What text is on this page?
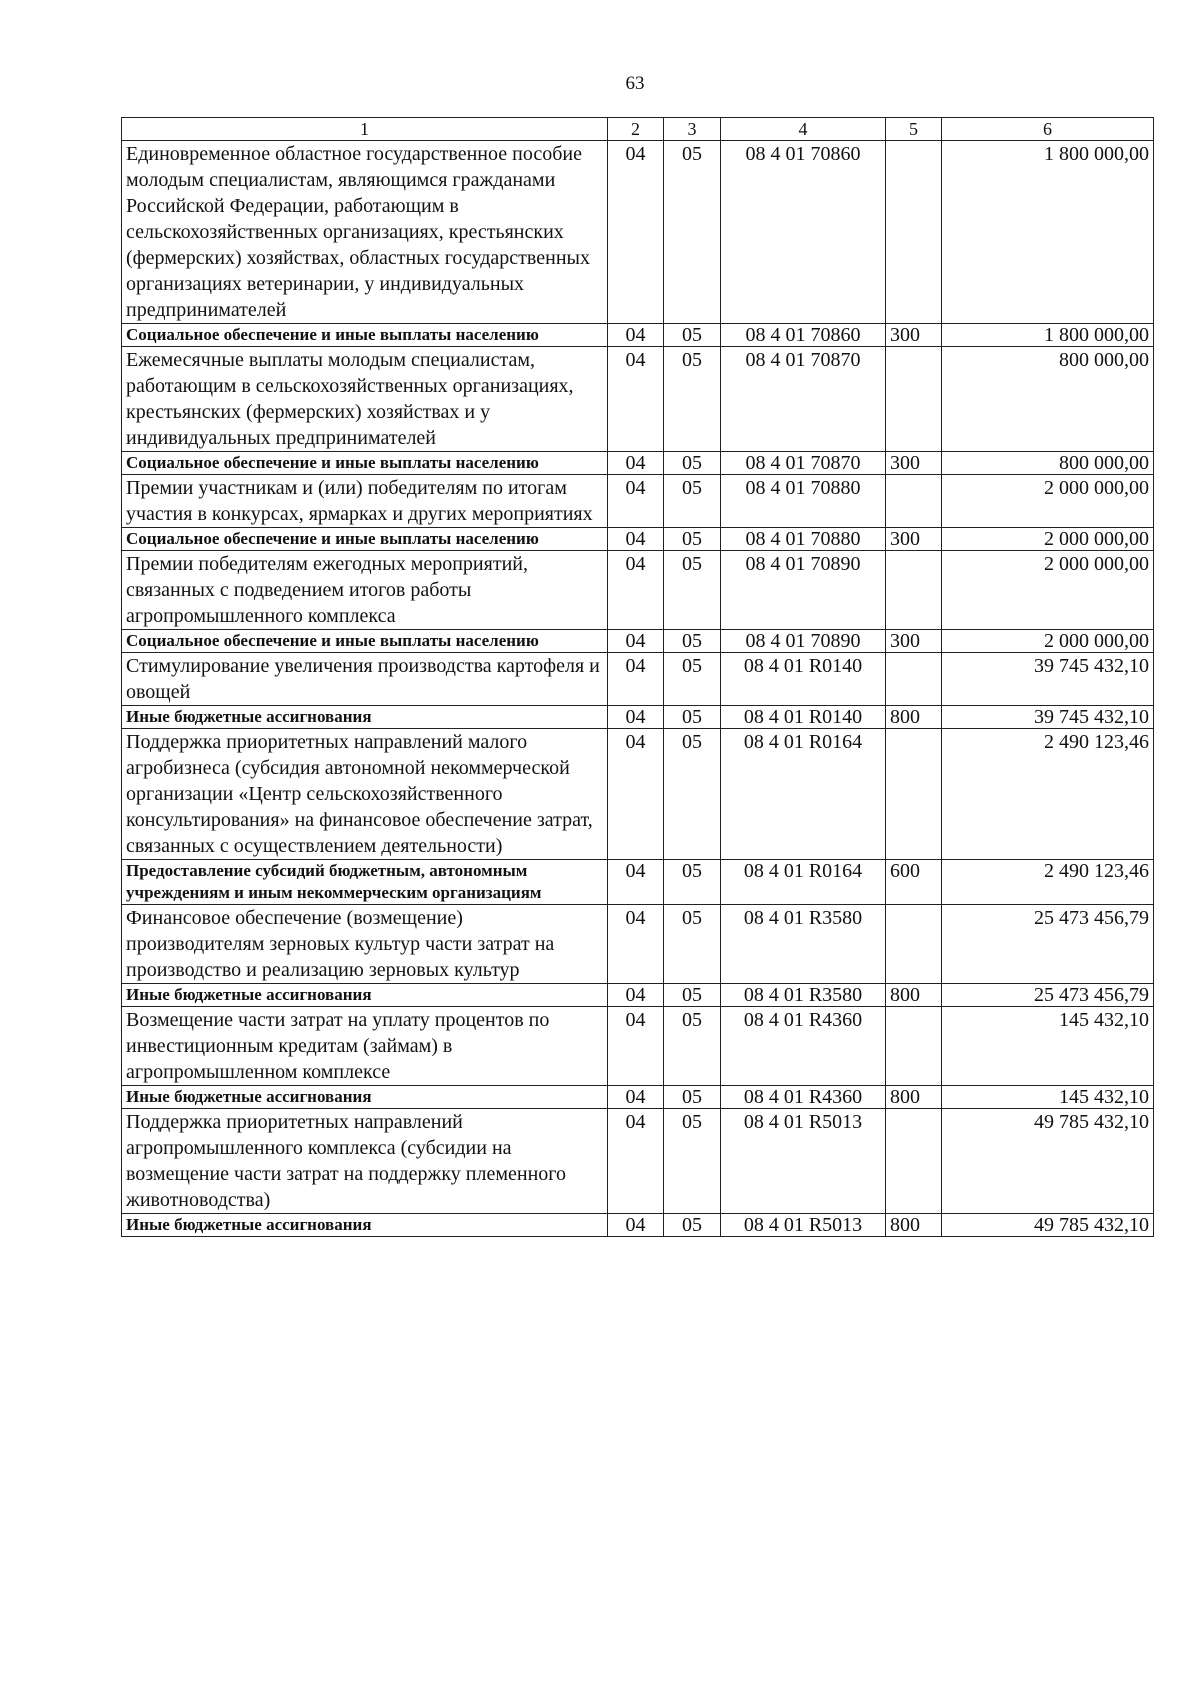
63
1	2	3	4	5	6
Единовременное областное государственное пособие молодым специалистам, являющимся гражданами Российской Федерации, работающим в сельскохозяйственных организациях, крестьянских (фермерских) хозяйствах, областных государственных организациях ветеринарии, у индивидуальных предпринимателей	04	05	08 4 01 70860		1 800 000,00
Социальное обеспечение и иные выплаты населению	04	05	08 4 01 70860	300	1 800 000,00
Ежемесячные выплаты молодым специалистам, работающим в сельскохозяйственных организациях, крестьянских (фермерских) хозяйствах и у индивидуальных предпринимателей	04	05	08 4 01 70870		800 000,00
Социальное обеспечение и иные выплаты населению	04	05	08 4 01 70870	300	800 000,00
Премии участникам и (или) победителям по итогам участия в конкурсах, ярмарках и других мероприятиях	04	05	08 4 01 70880		2 000 000,00
Социальное обеспечение и иные выплаты населению	04	05	08 4 01 70880	300	2 000 000,00
Премии победителям ежегодных мероприятий, связанных с подведением итогов работы агропромышленного комплекса	04	05	08 4 01 70890		2 000 000,00
Социальное обеспечение и иные выплаты населению	04	05	08 4 01 70890	300	2 000 000,00
Стимулирование увеличения производства картофеля и овощей	04	05	08 4 01 R0140		39 745 432,10
Иные бюджетные ассигнования	04	05	08 4 01 R0140	800	39 745 432,10
Поддержка приоритетных направлений малого агробизнеса (субсидия автономной некоммерческой организации «Центр сельскохозяйственного консультирования» на финансовое обеспечение затрат, связанных с осуществлением деятельности)	04	05	08 4 01 R0164		2 490 123,46
Предоставление субсидий бюджетным, автономным учреждениям и иным некоммерческим организациям	04	05	08 4 01 R0164	600	2 490 123,46
Финансовое обеспечение (возмещение) производителям зерновых культур части затрат на производство и реализацию зерновых культур	04	05	08 4 01 R3580		25 473 456,79
Иные бюджетные ассигнования	04	05	08 4 01 R3580	800	25 473 456,79
Возмещение части затрат на уплату процентов по инвестиционным кредитам (займам) в агропромышленном комплексе	04	05	08 4 01 R4360		145 432,10
Иные бюджетные ассигнования	04	05	08 4 01 R4360	800	145 432,10
Поддержка приоритетных направлений агропромышленного комплекса (субсидии на возмещение части затрат на поддержку племенного животноводства)	04	05	08 4 01 R5013		49 785 432,10
Иные бюджетные ассигнования	04	05	08 4 01 R5013	800	49 785 432,10
